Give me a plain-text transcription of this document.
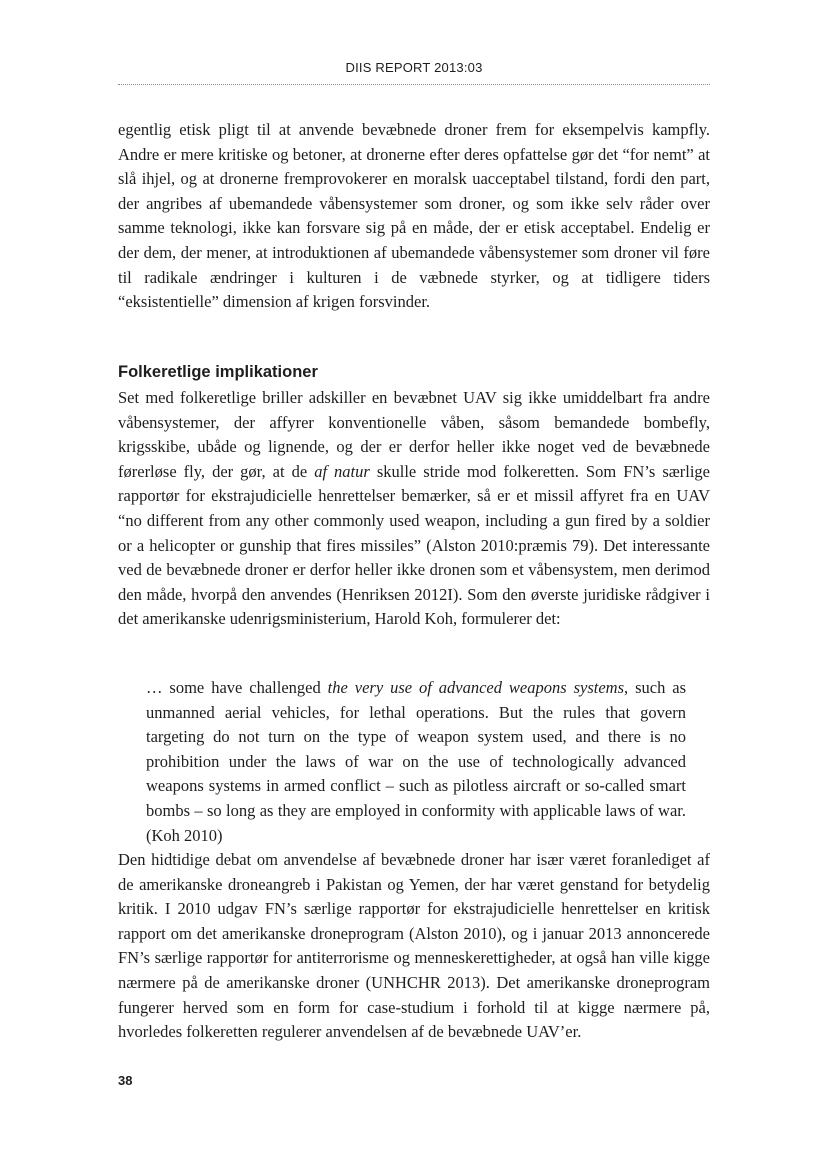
DIIS REPORT 2013:03

egentlig etisk pligt til at anvende bevæbnede droner frem for eksempelvis kampfly. Andre er mere kritiske og betoner, at dronerne efter deres opfattelse gør det “for nemt” at slå ihjel, og at dronerne fremprovokerer en moralsk uacceptabel tilstand, fordi den part, der angribes af ubemandede våbensystemer som droner, og som ikke selv råder over samme teknologi, ikke kan forsvare sig på en måde, der er etisk acceptabel. Endelig er der dem, der mener, at introduktionen af ubemandede våbensystemer som droner vil føre til radikale ændringer i kulturen i de væbnede styrker, og at tidligere tiders “eksistentielle” dimension af krigen forsvinder.

Folkeretlige implikationer

Set med folkeretlige briller adskiller en bevæbnet UAV sig ikke umiddelbart fra andre våbensystemer, der affyrer konventionelle våben, såsom bemandede bombefly, krigsskibe, ubåde og lignende, og der er derfor heller ikke noget ved de bevæbnede førerløse fly, der gør, at de af natur skulle stride mod folkeretten. Som FN’s særlige rapportør for ekstrajudicielle henrettelser bemærker, så er et missil affyret fra en UAV “no different from any other commonly used weapon, including a gun fired by a soldier or a helicopter or gunship that fires missiles” (Alston 2010:præmis 79). Det interessante ved de bevæbnede droner er derfor heller ikke dronen som et våbensystem, men derimod den måde, hvorpå den anvendes (Henriksen 2012I). Som den øverste juridiske rådgiver i det amerikanske udenrigsministerium, Harold Koh, formulerer det:

… some have challenged the very use of advanced weapons systems, such as unmanned aerial vehicles, for lethal operations. But the rules that govern targeting do not turn on the type of weapon system used, and there is no prohibition under the laws of war on the use of technologically advanced weapons systems in armed conflict – such as pilotless aircraft or so-called smart bombs – so long as they are employed in conformity with applicable laws of war. (Koh 2010)

Den hidtidige debat om anvendelse af bevæbnede droner har især været foranlediget af de amerikanske droneangreb i Pakistan og Yemen, der har været genstand for betydelig kritik. I 2010 udgav FN’s særlige rapportør for ekstrajudicielle henrettelser en kritisk rapport om det amerikanske droneprogram (Alston 2010), og i januar 2013 annoncerede FN’s særlige rapportør for antiterrorisme og menneskerettigheder, at også han ville kigge nærmere på de amerikanske droner (UNHCHR 2013). Det amerikanske droneprogram fungerer herved som en form for case-studium i forhold til at kigge nærmere på, hvorledes folkeretten regulerer anvendelsen af de bevæbnede UAV’er.

38
